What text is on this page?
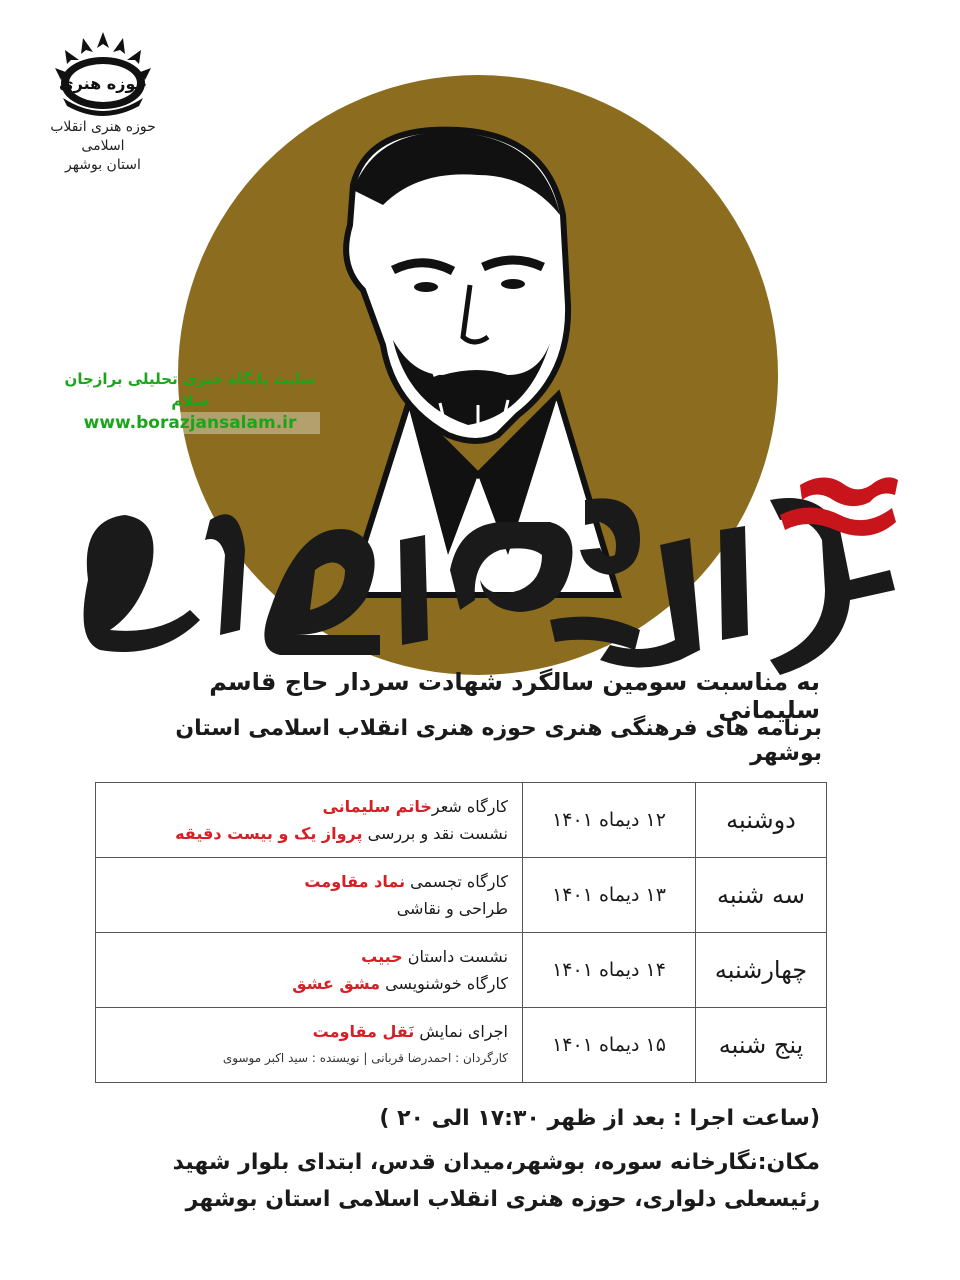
حوزه هنری
حوزه هنری انقلاب اسلامی
استان بوشهر
سایت پایگاه خبری تحلیلی برازجان سلام
www.borazjansalam.ir
به مناسبت سومین سالگرد شهادت سردار حاج قاسم سلیمانی
برنامه های فرهنگی هنری حوزه هنری انقلاب اسلامی استان بوشهر
دوشنبه	۱۲ دیماه ۱۴۰۱	کارگاه شعرخاتم سلیمانی
نشست نقد و بررسی پرواز یک و بیست دقیقه

سه شنبه	۱۳ دیماه ۱۴۰۱	کارگاه تجسمی نماد مقاومت
طراحی و نقاشی

چهارشنبه	۱۴ دیماه ۱۴۰۱	نشست داستان حبیب
کارگاه خوشنویسی مشق عشق

پنج شنبه	۱۵ دیماه ۱۴۰۱	اجرای نمایش نَقل مقاومت
کارگردان : احمدرضا قربانی | نویسنده : سید اکبر موسوی
(ساعت اجرا : بعد از ظهر ۱۷:۳۰ الی ۲۰ )
مکان:نگارخانه سوره، بوشهر،میدان قدس، ابتدای بلوار شهید
رئیسعلی دلواری، حوزه هنری انقلاب اسلامی استان بوشهر
